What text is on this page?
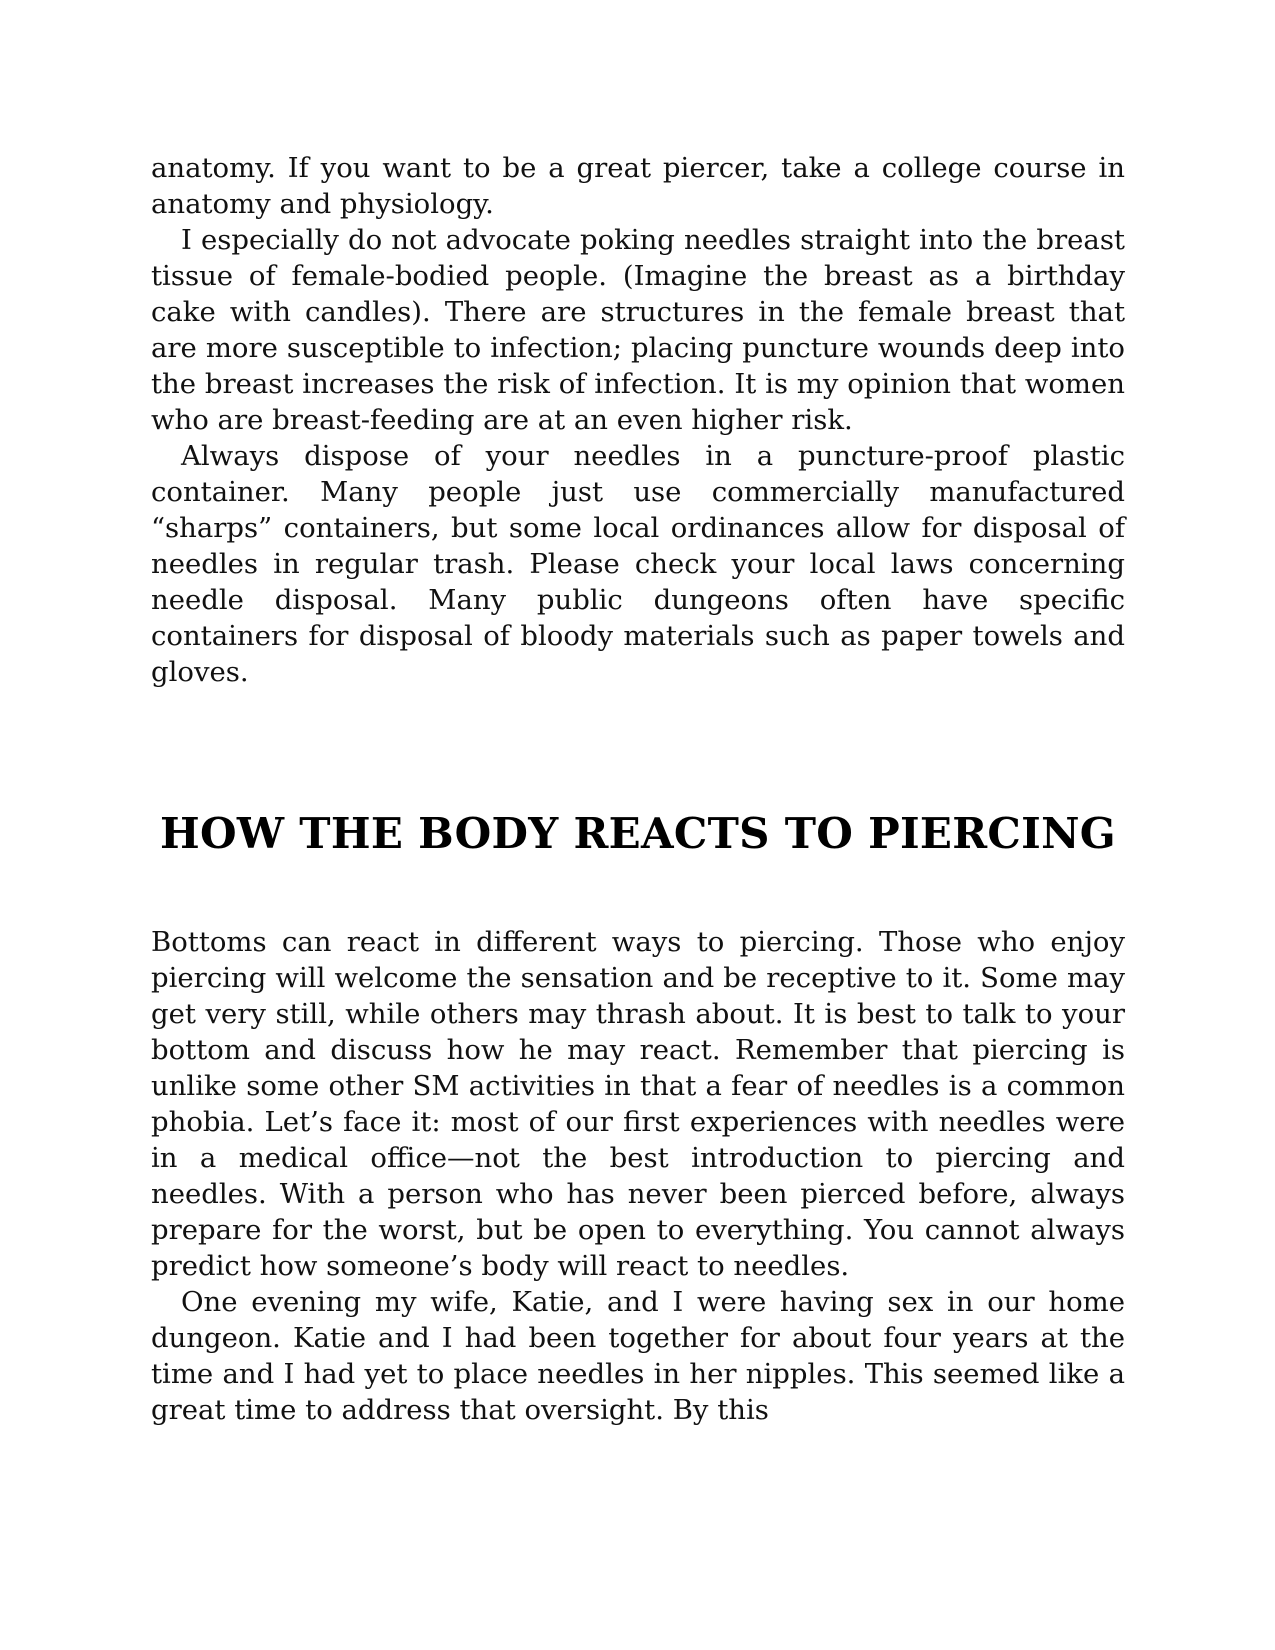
anatomy. If you want to be a great piercer, take a college course in anatomy and physiology.

I especially do not advocate poking needles straight into the breast tissue of female-bodied people. (Imagine the breast as a birthday cake with candles). There are structures in the female breast that are more susceptible to infection; placing puncture wounds deep into the breast increases the risk of infection. It is my opinion that women who are breast-feeding are at an even higher risk.

Always dispose of your needles in a puncture-proof plastic container. Many people just use commercially manufactured “sharps” containers, but some local ordinances allow for disposal of needles in regular trash. Please check your local laws concerning needle disposal. Many public dungeons often have specific containers for disposal of bloody materials such as paper towels and gloves.

HOW THE BODY REACTS TO PIERCING

Bottoms can react in different ways to piercing. Those who enjoy piercing will welcome the sensation and be receptive to it. Some may get very still, while others may thrash about. It is best to talk to your bottom and discuss how he may react. Remember that piercing is unlike some other SM activities in that a fear of needles is a common phobia. Let’s face it: most of our first experiences with needles were in a medical office—not the best introduction to piercing and needles. With a person who has never been pierced before, always prepare for the worst, but be open to everything. You cannot always predict how someone’s body will react to needles.

One evening my wife, Katie, and I were having sex in our home dungeon. Katie and I had been together for about four years at the time and I had yet to place needles in her nipples. This seemed like a great time to address that oversight. By this
